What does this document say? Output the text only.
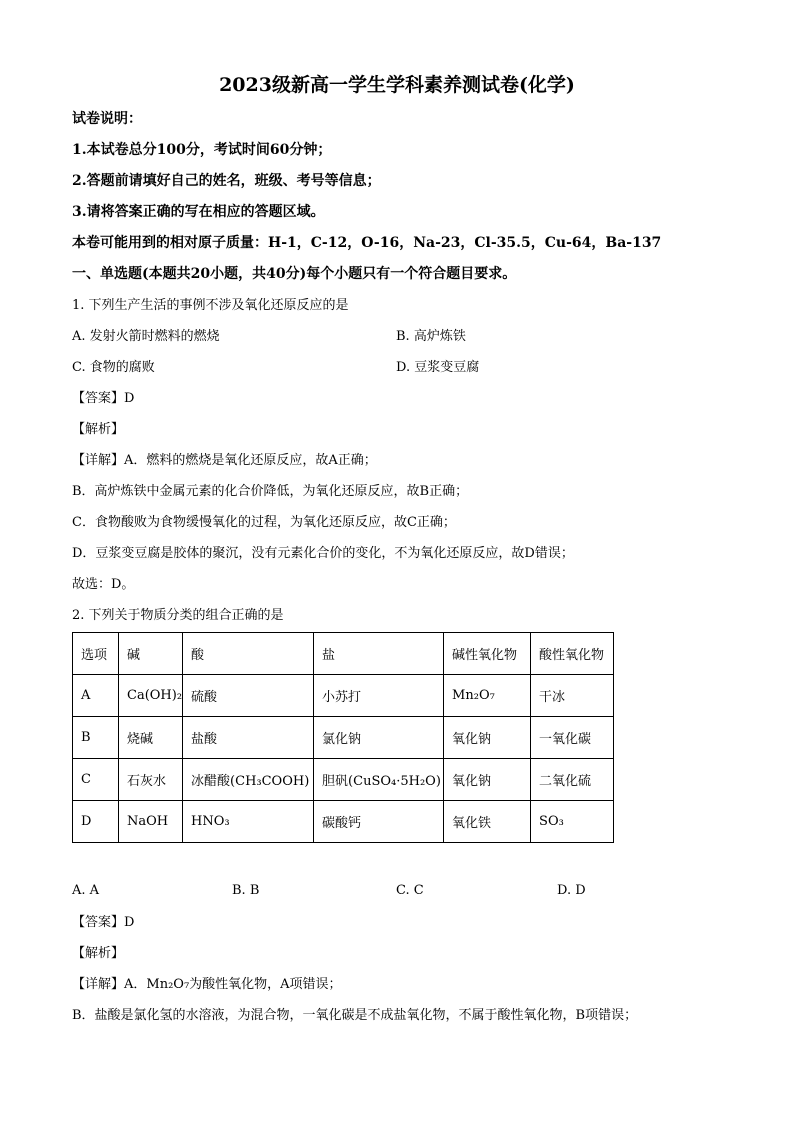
2023级新高一学生学科素养测试卷(化学)
试卷说明：
1.本试卷总分100分，考试时间60分钟；
2.答题前请填好自己的姓名，班级、考号等信息；
3.请将答案正确的写在相应的答题区域。
本卷可能用到的相对原子质量：H-1，C-12，O-16，Na-23，Cl-35.5，Cu-64，Ba-137
一、单选题(本题共20小题，共40分)每个小题只有一个符合题目要求。
1. 下列生产生活的事例不涉及氧化还原反应的是
A. 发射火箭时燃料的燃烧	B. 高炉炼铁
C. 食物的腐败	D. 豆浆变豆腐
【答案】D
【解析】
【详解】A．燃料的燃烧是氧化还原反应，故A正确；
B．高炉炼铁中金属元素的化合价降低，为氧化还原反应，故B正确；
C．食物酸败为食物缓慢氧化的过程，为氧化还原反应，故C正确；
D．豆浆变豆腐是胶体的聚沉，没有元素化合价的变化，不为氧化还原反应，故D错误；
故选：D。
2. 下列关于物质分类的组合正确的是
选项	碱	酸	盐	碱性氧化物	酸性氧化物
A	Ca(OH)₂	硫酸	小苏打	Mn₂O₇	干冰
B	烧碱	盐酸	氯化钠	氧化钠	一氧化碳
C	石灰水	冰醋酸(CH₃COOH)	胆矾(CuSO₄·5H₂O)	氧化钠	二氧化硫
D	NaOH	HNO₃	碳酸钙	氧化铁	SO₃
A. A	B. B	C. C	D. D
【答案】D
【解析】
【详解】A．Mn₂O₇为酸性氧化物，A项错误；
B．盐酸是氯化氢的水溶液，为混合物，一氧化碳是不成盐氧化物，不属于酸性氧化物，B项错误；
